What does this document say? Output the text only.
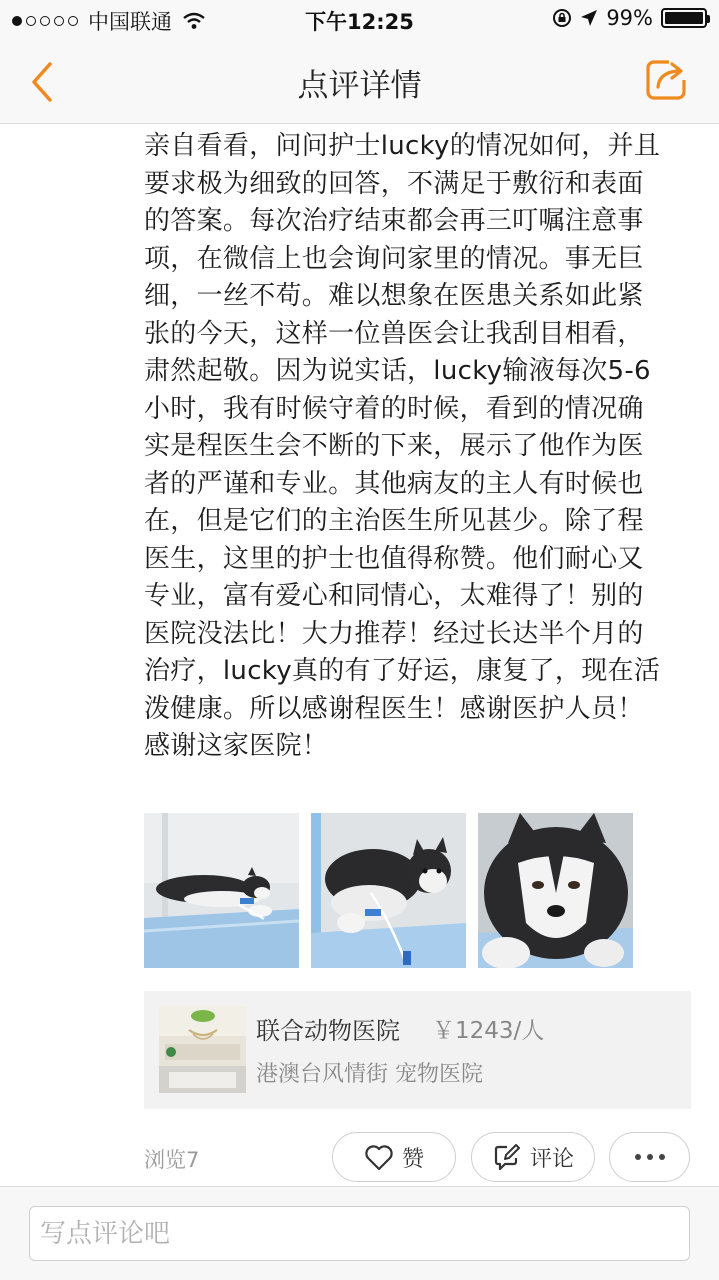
中国联通	下午12:25	99%
点评详情
亲自看看，问问护士lucky的情况如何，并且
要求极为细致的回答，不满足于敷衍和表面
的答案。每次治疗结束都会再三叮嘱注意事
项，在微信上也会询问家里的情况。事无巨
细，一丝不苟。难以想象在医患关系如此紧
张的今天，这样一位兽医会让我刮目相看，
肃然起敬。因为说实话，lucky输液每次5-6
小时，我有时候守着的时候，看到的情况确
实是程医生会不断的下来，展示了他作为医
者的严谨和专业。其他病友的主人有时候也
在，但是它们的主治医生所见甚少。除了程
医生，这里的护士也值得称赞。他们耐心又
专业，富有爱心和同情心，太难得了！别的
医院没法比！大力推荐！经过长达半个月的
治疗，lucky真的有了好运，康复了，现在活
泼健康。所以感谢程医生！感谢医护人员！
感谢这家医院！
联合动物医院 ￥1243/人
港澳台风情街 宠物医院
浏览7	赞	评论
写点评论吧
